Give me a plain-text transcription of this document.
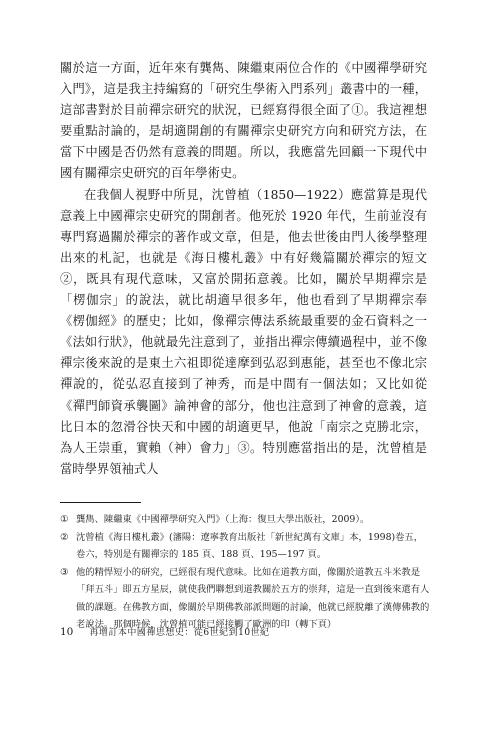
關於這一方面，近年來有龔雋、陳繼東兩位合作的《中國禪學研究入門》，這是我主持編寫的「研究生學術入門系列」叢書中的一種，這部書對於目前禪宗研究的狀況，已經寫得很全面了①。我這裡想要重點討論的，是胡適開創的有關禪宗史研究方向和研究方法，在當下中國是否仍然有意義的問題。所以，我應當先回顧一下現代中國有關禪宗史研究的百年學術史。

在我個人視野中所見，沈曾植（1850—1922）應當算是現代意義上中國禪宗史研究的開創者。他死於 1920 年代，生前並沒有專門寫過關於禪宗的著作或文章，但是，他去世後由門人後學整理出來的札記，也就是《海日樓札叢》中有好幾篇關於禪宗的短文②，既具有現代意味，又富於開拓意義。比如，關於早期禪宗是「楞伽宗」的說法，就比胡適早很多年，他也看到了早期禪宗奉《楞伽經》的歷史；比如，像禪宗傳法系統最重要的金石資料之一《法如行狀》，他就最先注意到了，並指出禪宗傳續過程中，並不像禪宗後來說的是東土六祖即從達摩到弘忍到惠能，甚至也不像北宗禪說的，從弘忍直接到了神秀，而是中間有一個法如；又比如從《禪門師資承襲圖》論神會的部分，他也注意到了神會的意義，這比日本的忽滑谷快天和中國的胡適更早，他說「南宗之克勝北宗，為人王崇重，實賴（神）會力」③。特別應當指出的是，沈曾植是當時學界領袖式人

① 龔雋、陳繼東《中國禪學研究入門》（上海：復旦大學出版社，2009）。
② 沈曾植《海日樓札叢》(瀋陽：遼寧教育出版社「新世紀萬有文庫」本，1998)卷五，卷六，特別是有關禪宗的 185 頁、188 頁、195—197 頁。
③ 他的精悍短小的研究，已經很有現代意味。比如在道教方面，像關於道教五斗米教是「拜五斗」即五方星辰，就使我們聯想到道教關於五方的崇拜，這是一直到後來還有人做的課題。在佛教方面，像關於早期佛教部派問題的討論，他就已經脫離了漢傳佛教的老說法。那個時候，沈曾植可能已經接觸了歐洲的印（轉下頁）
10 再增訂本中國禪思想史：從6世紀到10世紀
